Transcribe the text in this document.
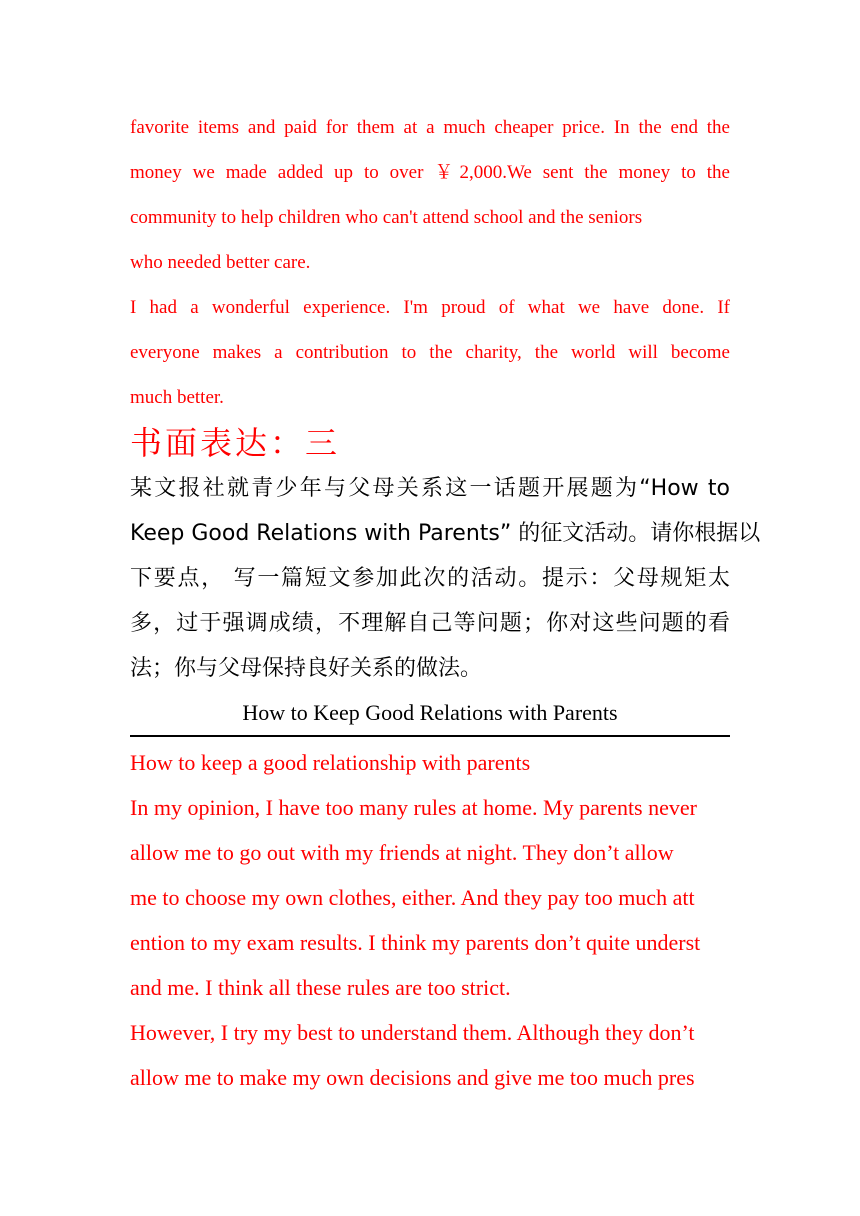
favorite items and paid for them at a much cheaper price. In the end the
money we made added up to over ￥2,000.We sent the money to the
community to help children who can't attend school and the seniors
who needed better care.
I had a wonderful experience. I'm proud of what we have done. If
everyone makes a contribution to the charity, the world will become
much better.
书面表达：三
某文报社就青少年与父母关系这一话题开展题为“How to
Keep Good Relations with Parents” 的征文活动。请你根据以
下要点， 写一篇短文参加此次的活动。提示：父母规矩太
多，过于强调成绩，不理解自己等问题；你对这些问题的看
法；你与父母保持良好关系的做法。
How to Keep Good Relations with Parents
How to keep a good relationship with parents
In my opinion, I have too many rules at home. My parents never
allow me to go out with my friends at night. They don’t allow
me to choose my own clothes, either. And they pay too much att
ention to my exam results. I think my parents don’t quite underst
and me. I think all these rules are too strict.
However, I try my best to understand them. Although they don’t
allow me to make my own decisions and give me too much pres
